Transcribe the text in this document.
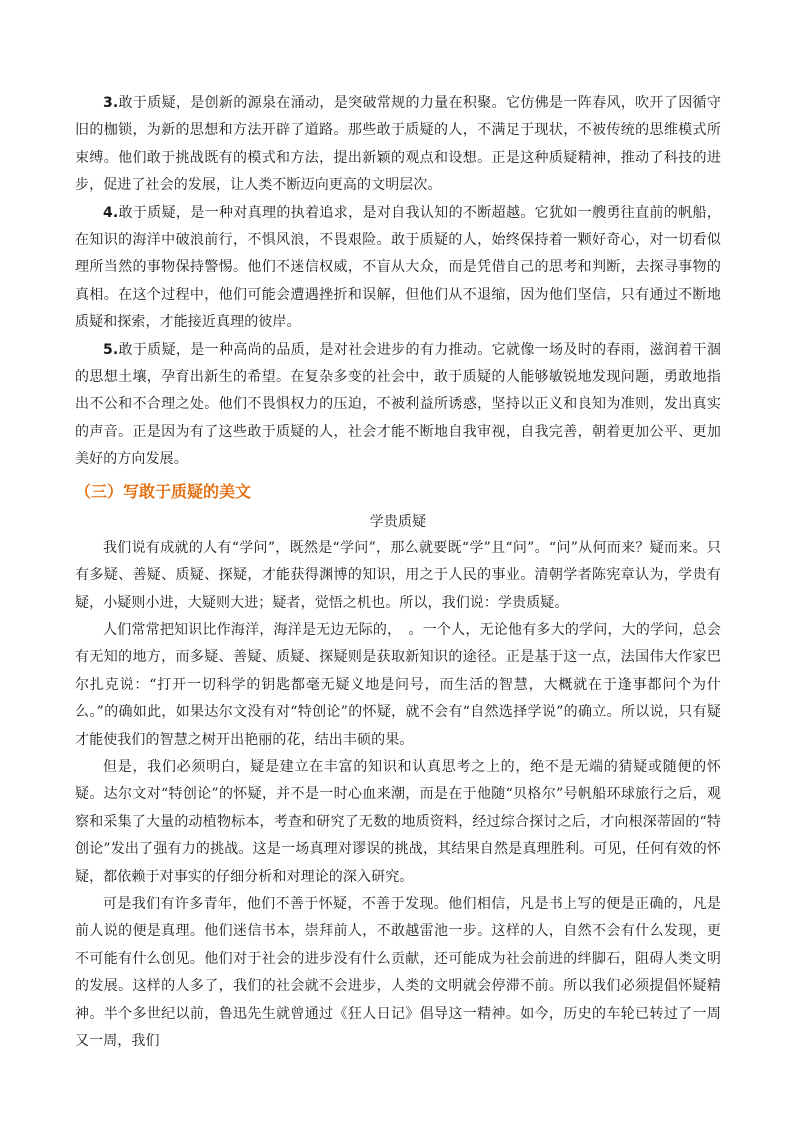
3.敢于质疑，是创新的源泉在涌动，是突破常规的力量在积聚。它仿佛是一阵春风，吹开了因循守旧的枷锁，为新的思想和方法开辟了道路。那些敢于质疑的人，不满足于现状，不被传统的思维模式所束缚。他们敢于挑战既有的模式和方法，提出新颖的观点和设想。正是这种质疑精神，推动了科技的进步，促进了社会的发展，让人类不断迈向更高的文明层次。

4.敢于质疑，是一种对真理的执着追求，是对自我认知的不断超越。它犹如一艘勇往直前的帆船，在知识的海洋中破浪前行，不惧风浪，不畏艰险。敢于质疑的人，始终保持着一颗好奇心，对一切看似理所当然的事物保持警惕。他们不迷信权威，不盲从大众，而是凭借自己的思考和判断，去探寻事物的真相。在这个过程中，他们可能会遭遇挫折和误解，但他们从不退缩，因为他们坚信，只有通过不断地质疑和探索，才能接近真理的彼岸。

5.敢于质疑，是一种高尚的品质，是对社会进步的有力推动。它就像一场及时的春雨，滋润着干涸的思想土壤，孕育出新生的希望。在复杂多变的社会中，敢于质疑的人能够敏锐地发现问题，勇敢地指出不公和不合理之处。他们不畏惧权力的压迫，不被利益所诱惑，坚持以正义和良知为准则，发出真实的声音。正是因为有了这些敢于质疑的人，社会才能不断地自我审视，自我完善，朝着更加公平、更加美好的方向发展。

（三）写敢于质疑的美文

学贵质疑

我们说有成就的人有“学问”，既然是“学问”，那么就要既“学”且“问”。“问”从何而来？疑而来。只有多疑、善疑、质疑、探疑，才能获得渊博的知识，用之于人民的事业。清朝学者陈宪章认为，学贵有疑，小疑则小进，大疑则大进；疑者，觉悟之机也。所以，我们说：学贵质疑。

人们常常把知识比作海洋，海洋是无边无际的，　。一个人，无论他有多大的学问，大的学问，总会有无知的地方，而多疑、善疑、质疑、探疑则是获取新知识的途径。正是基于这一点，法国伟大作家巴尔扎克说：“打开一切科学的钥匙都毫无疑义地是问号，而生活的智慧，大概就在于逢事都问个为什么。”的确如此，如果达尔文没有对“特创论”的怀疑，就不会有“自然选择学说”的确立。所以说，只有疑才能使我们的智慧之树开出艳丽的花，结出丰硕的果。

但是，我们必须明白，疑是建立在丰富的知识和认真思考之上的，绝不是无端的猜疑或随便的怀疑。达尔文对“特创论”的怀疑，并不是一时心血来潮，而是在于他随“贝格尔”号帆船环球旅行之后，观察和采集了大量的动植物标本，考查和研究了无数的地质资料，经过综合探讨之后，才向根深蒂固的“特创论”发出了强有力的挑战。这是一场真理对谬误的挑战，其结果自然是真理胜利。可见，任何有效的怀疑，都依赖于对事实的仔细分析和对理论的深入研究。

可是我们有许多青年，他们不善于怀疑，不善于发现。他们相信，凡是书上写的便是正确的，凡是前人说的便是真理。他们迷信书本，崇拜前人，不敢越雷池一步。这样的人，自然不会有什么发现，更不可能有什么创见。他们对于社会的进步没有什么贡献，还可能成为社会前进的绊脚石，阻碍人类文明的发展。这样的人多了，我们的社会就不会进步，人类的文明就会停滞不前。所以我们必须提倡怀疑精神。半个多世纪以前，鲁迅先生就曾通过《狂人日记》倡导这一精神。如今，历史的车轮已转过了一周又一周，我们
